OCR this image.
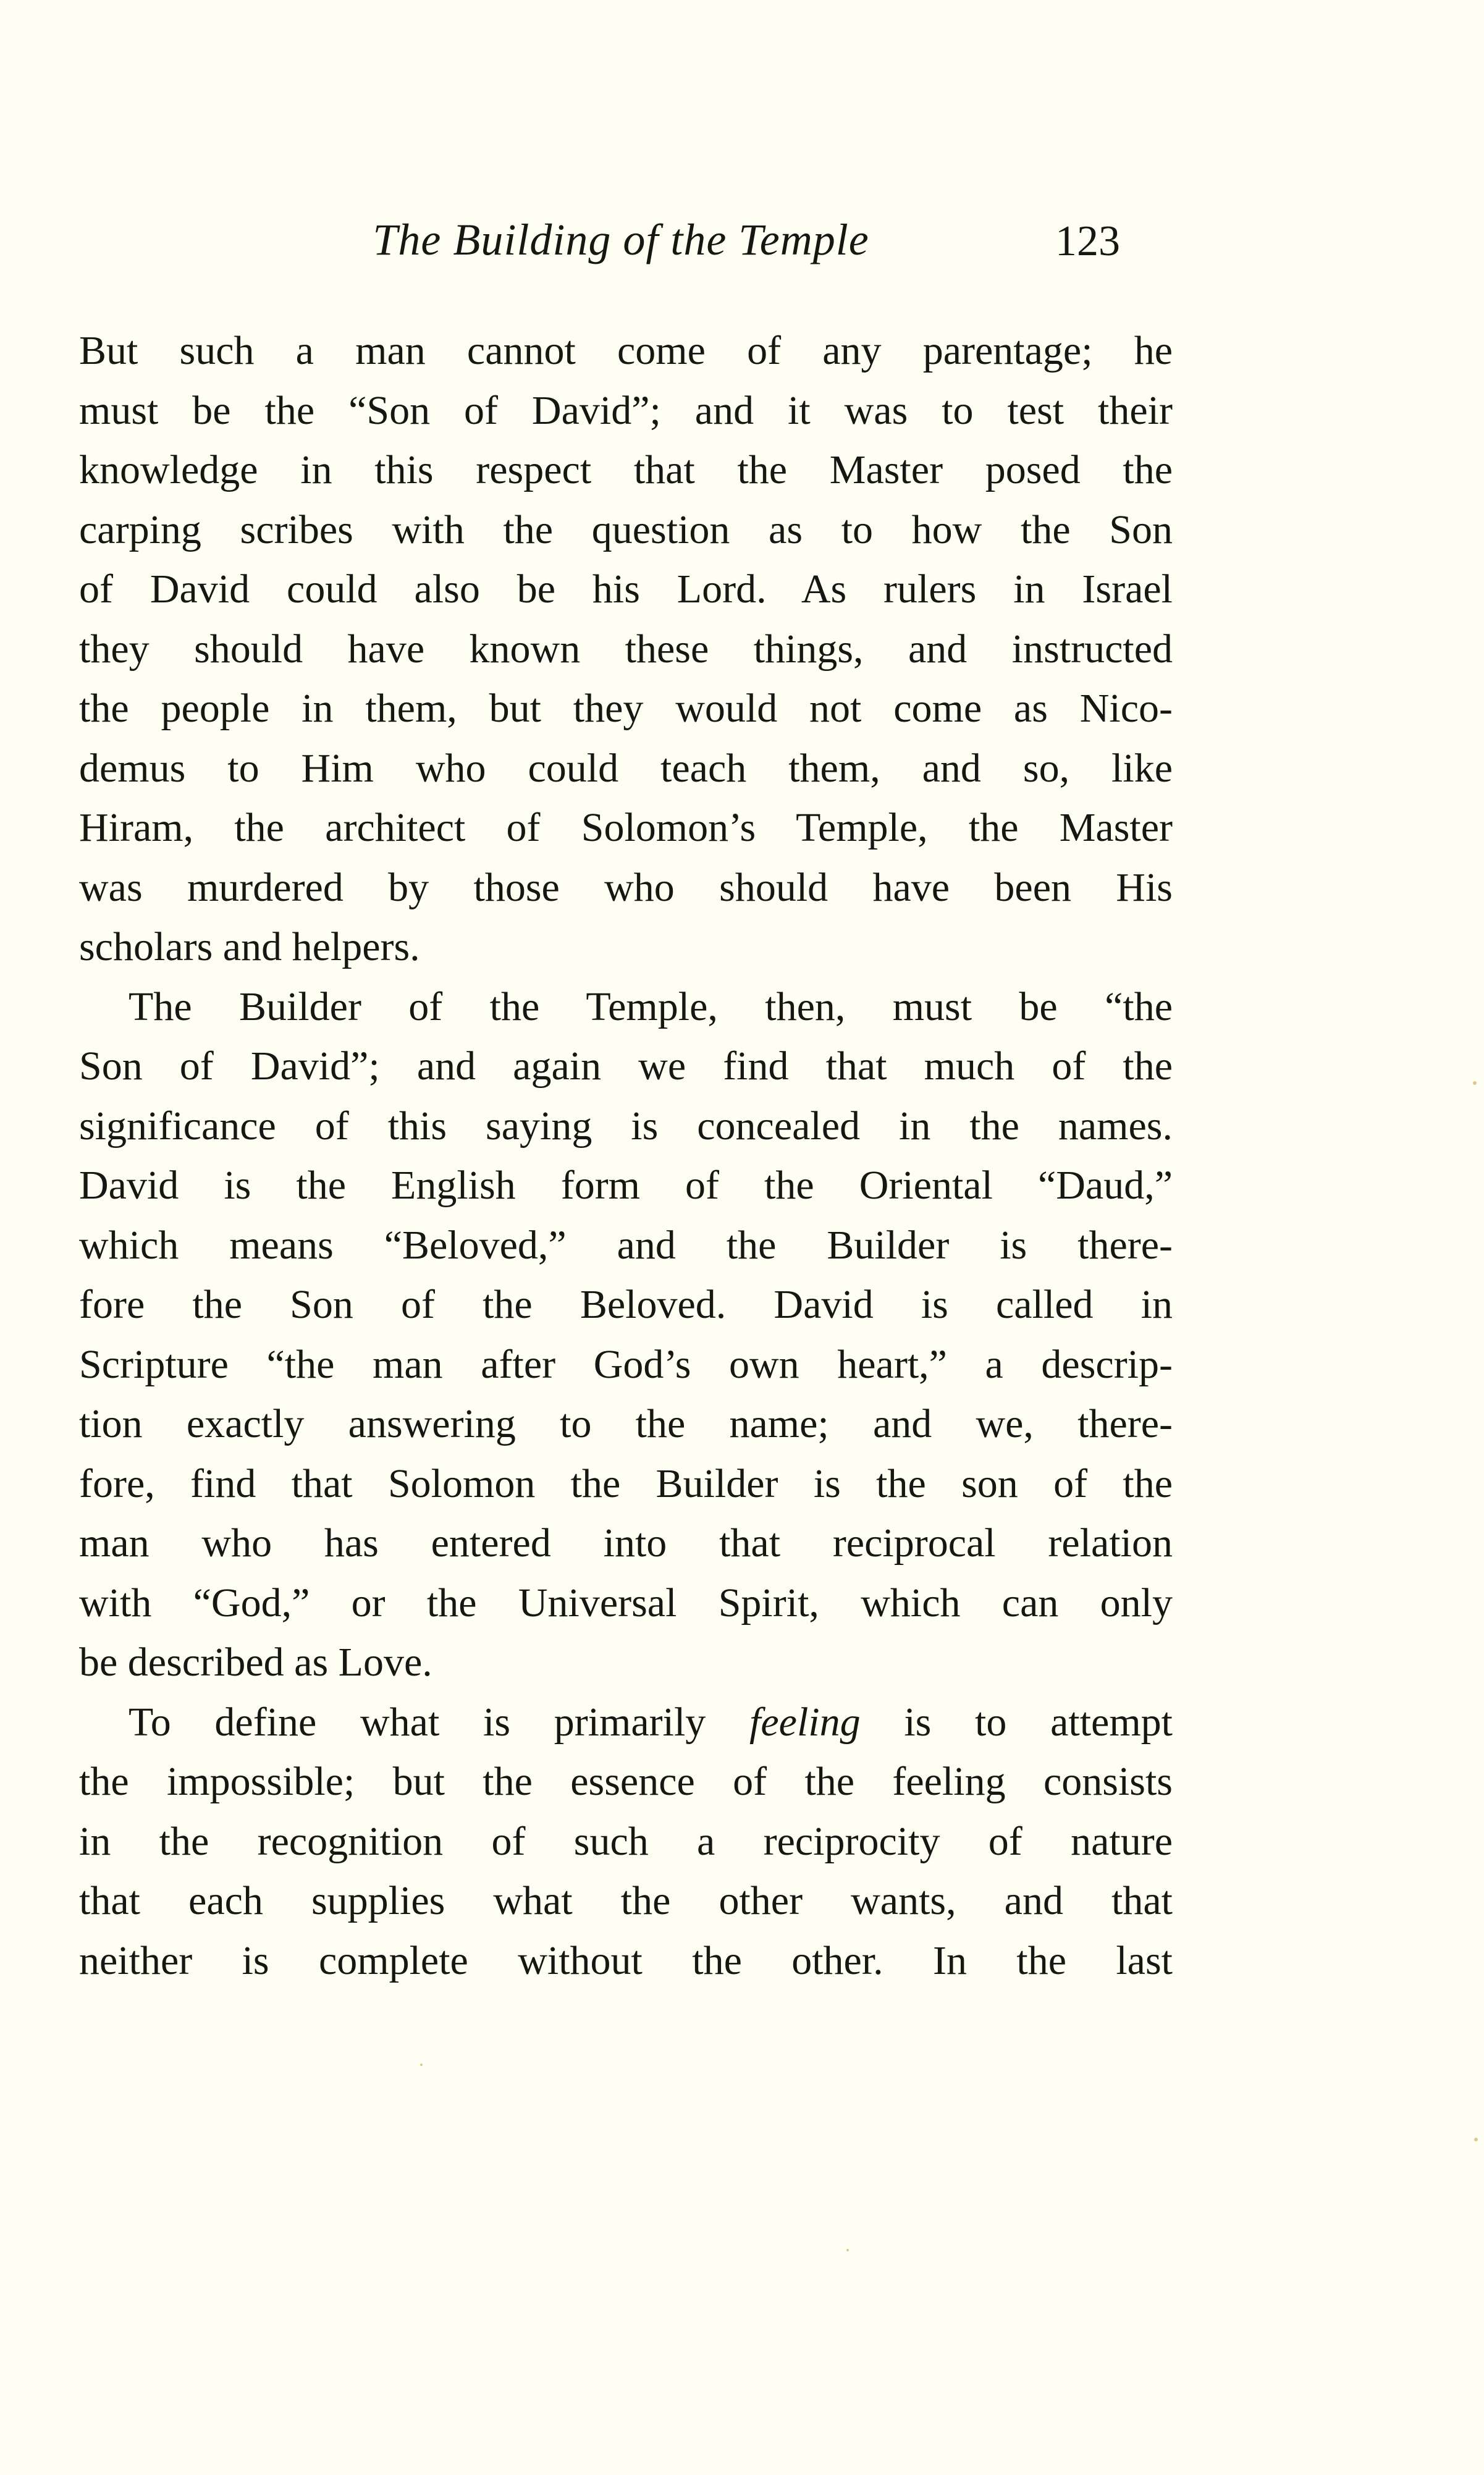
The Building of the Temple	123

But such a man cannot come of any parentage; he
must be the “Son of David”; and it was to test their
knowledge in this respect that the Master posed the
carping scribes with the question as to how the Son
of David could also be his Lord. As rulers in Israel
they should have known these things, and instructed
the people in them, but they would not come as Nico-
demus to Him who could teach them, and so, like
Hiram, the architect of Solomon’s Temple, the Master
was murdered by those who should have been His
scholars and helpers.

The Builder of the Temple, then, must be “the
Son of David”; and again we find that much of the
significance of this saying is concealed in the names.
David is the English form of the Oriental “Daud,”
which means “Beloved,” and the Builder is there-
fore the Son of the Beloved. David is called in
Scripture “the man after God’s own heart,” a descrip-
tion exactly answering to the name; and we, there-
fore, find that Solomon the Builder is the son of the
man who has entered into that reciprocal relation
with “God,” or the Universal Spirit, which can only
be described as Love.

To define what is primarily feeling is to attempt
the impossible; but the essence of the feeling consists
in the recognition of such a reciprocity of nature
that each supplies what the other wants, and that
neither is complete without the other. In the last
